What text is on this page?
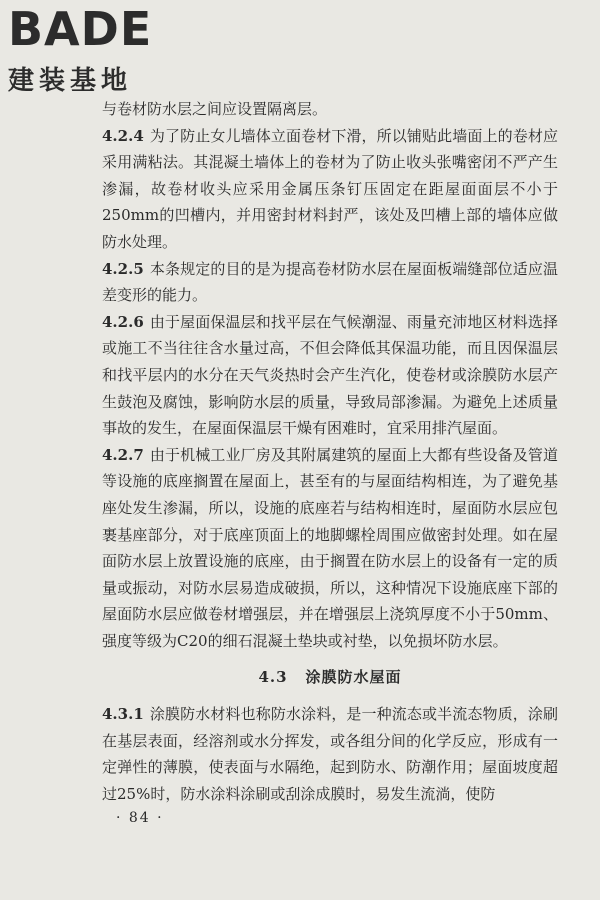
BADE
建装基地

与卷材防水层之间应设置隔离层。

4.2.4 为了防止女儿墙体立面卷材下滑，所以铺贴此墙面上的卷材应采用满粘法。其混凝土墙体上的卷材为了防止收头张嘴密闭不严产生渗漏，故卷材收头应采用金属压条钉压固定在距屋面面层不小于250mm的凹槽内，并用密封材料封严，该处及凹槽上部的墙体应做防水处理。

4.2.5 本条规定的目的是为提高卷材防水层在屋面板端缝部位适应温差变形的能力。

4.2.6 由于屋面保温层和找平层在气候潮湿、雨量充沛地区材料选择或施工不当往往含水量过高，不但会降低其保温功能，而且因保温层和找平层内的水分在天气炎热时会产生汽化，使卷材或涂膜防水层产生鼓泡及腐蚀，影响防水层的质量，导致局部渗漏。为避免上述质量事故的发生，在屋面保温层干燥有困难时，宜采用排汽屋面。

4.2.7 由于机械工业厂房及其附属建筑的屋面上大都有些设备及管道等设施的底座搁置在屋面上，甚至有的与屋面结构相连，为了避免基座处发生渗漏，所以，设施的底座若与结构相连时，屋面防水层应包裹基座部分，对于底座顶面上的地脚螺栓周围应做密封处理。如在屋面防水层上放置设施的底座，由于搁置在防水层上的设备有一定的质量或振动，对防水层易造成破损，所以，这种情况下设施底座下部的屋面防水层应做卷材增强层，并在增强层上浇筑厚度不小于50mm、强度等级为C20的细石混凝土垫块或衬垫，以免损坏防水层。

4.3 涂膜防水屋面

4.3.1 涂膜防水材料也称防水涂料，是一种流态或半流态物质，涂刷在基层表面，经溶剂或水分挥发，或各组分间的化学反应，形成有一定弹性的薄膜，使表面与水隔绝，起到防水、防潮作用；屋面坡度超过25%时，防水涂料涂刷或刮涂成膜时，易发生流淌，使防

· 84 ·
